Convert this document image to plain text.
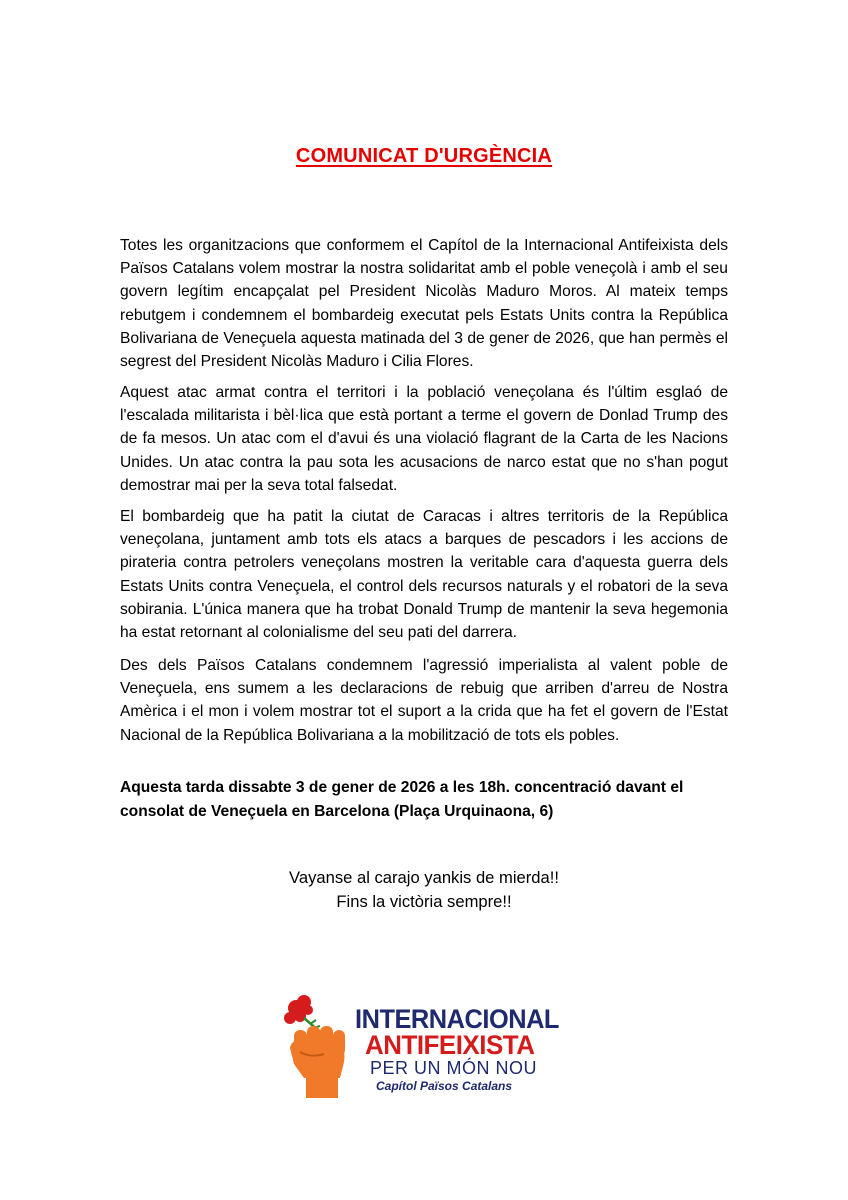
COMUNICAT D'URGÈNCIA
Totes les organitzacions que conformem el Capítol de la Internacional Antifeixista dels Països Catalans volem mostrar la nostra solidaritat amb el poble veneçolà i amb el seu govern legítim encapçalat pel President Nicolàs Maduro Moros. Al mateix temps rebutgem i condemnem el bombardeig executat pels Estats Units contra la República Bolivariana de Veneçuela aquesta matinada del 3 de gener de 2026, que han permès el segrest del President Nicolàs Maduro i Cilia Flores.
Aquest atac armat contra el territori i la població veneçolana és l'últim esglaó de l'escalada militarista i bèl·lica que està portant a terme el govern de Donlad Trump des de fa mesos. Un atac com el d'avui és una violació flagrant de la Carta de les Nacions Unides. Un atac contra la pau sota les acusacions de narco estat que no s'han pogut demostrar mai per la seva total falsedat.
El bombardeig que ha patit la ciutat de Caracas i altres territoris de la República veneçolana, juntament amb tots els atacs a barques de pescadors i les accions de pirateria contra petrolers veneçolans mostren la veritable cara d'aquesta guerra dels Estats Units contra Veneçuela, el control dels recursos naturals y el robatori de la seva sobirania. L'única manera que ha trobat Donald Trump de mantenir la seva hegemonia ha estat retornant al colonialisme del seu pati del darrera.
Des dels Països Catalans condemnem l'agressió imperialista al valent poble de Veneçuela, ens sumem a les declaracions de rebuig que arriben d'arreu de Nostra Amèrica i el mon i volem mostrar tot el suport a la crida que ha fet el govern de l'Estat Nacional de la República Bolivariana a la mobilització de tots els pobles.
Aquesta tarda dissabte 3 de gener de 2026 a les 18h. concentració davant el consolat de Veneçuela en Barcelona (Plaça Urquinaona, 6)
Vayanse al carajo yankis de mierda!!
Fins la victòria sempre!!
INTERNACIONAL
ANTIFEIXISTA
PER UN MÓN NOU
Capítol Països Catalans
